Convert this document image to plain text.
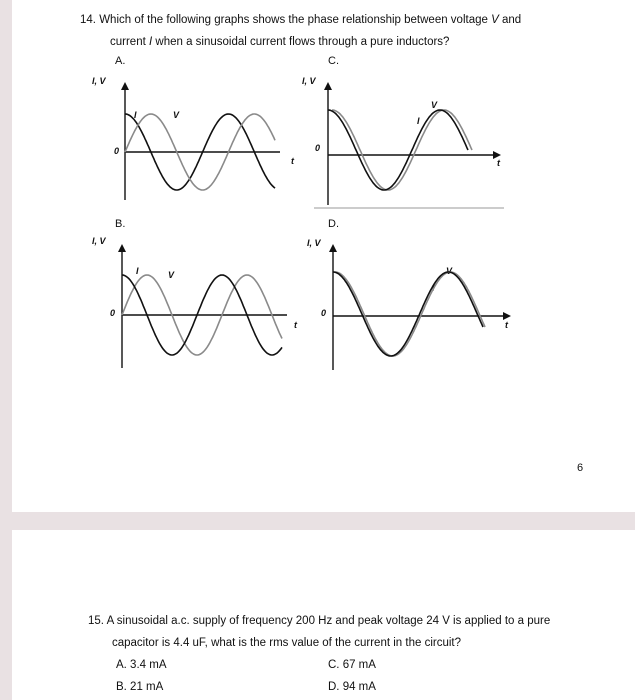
14. Which of the following graphs shows the phase relationship between voltage V and
current I when a sinusoidal current flows through a pure inductors?
A.	C.
B.	D.
I, V
0
t
I	V
I, V
0
t
I
V
I, V
0
t
I	V
I, V
0
t
I
V
6
15. A sinusoidal a.c. supply of frequency 200 Hz and peak voltage 24 V is applied to a pure
capacitor is 4.4 uF, what is the rms value of the current in the circuit?
A. 3.4 mA	C. 67 mA
B. 21 mA	D. 94 mA
